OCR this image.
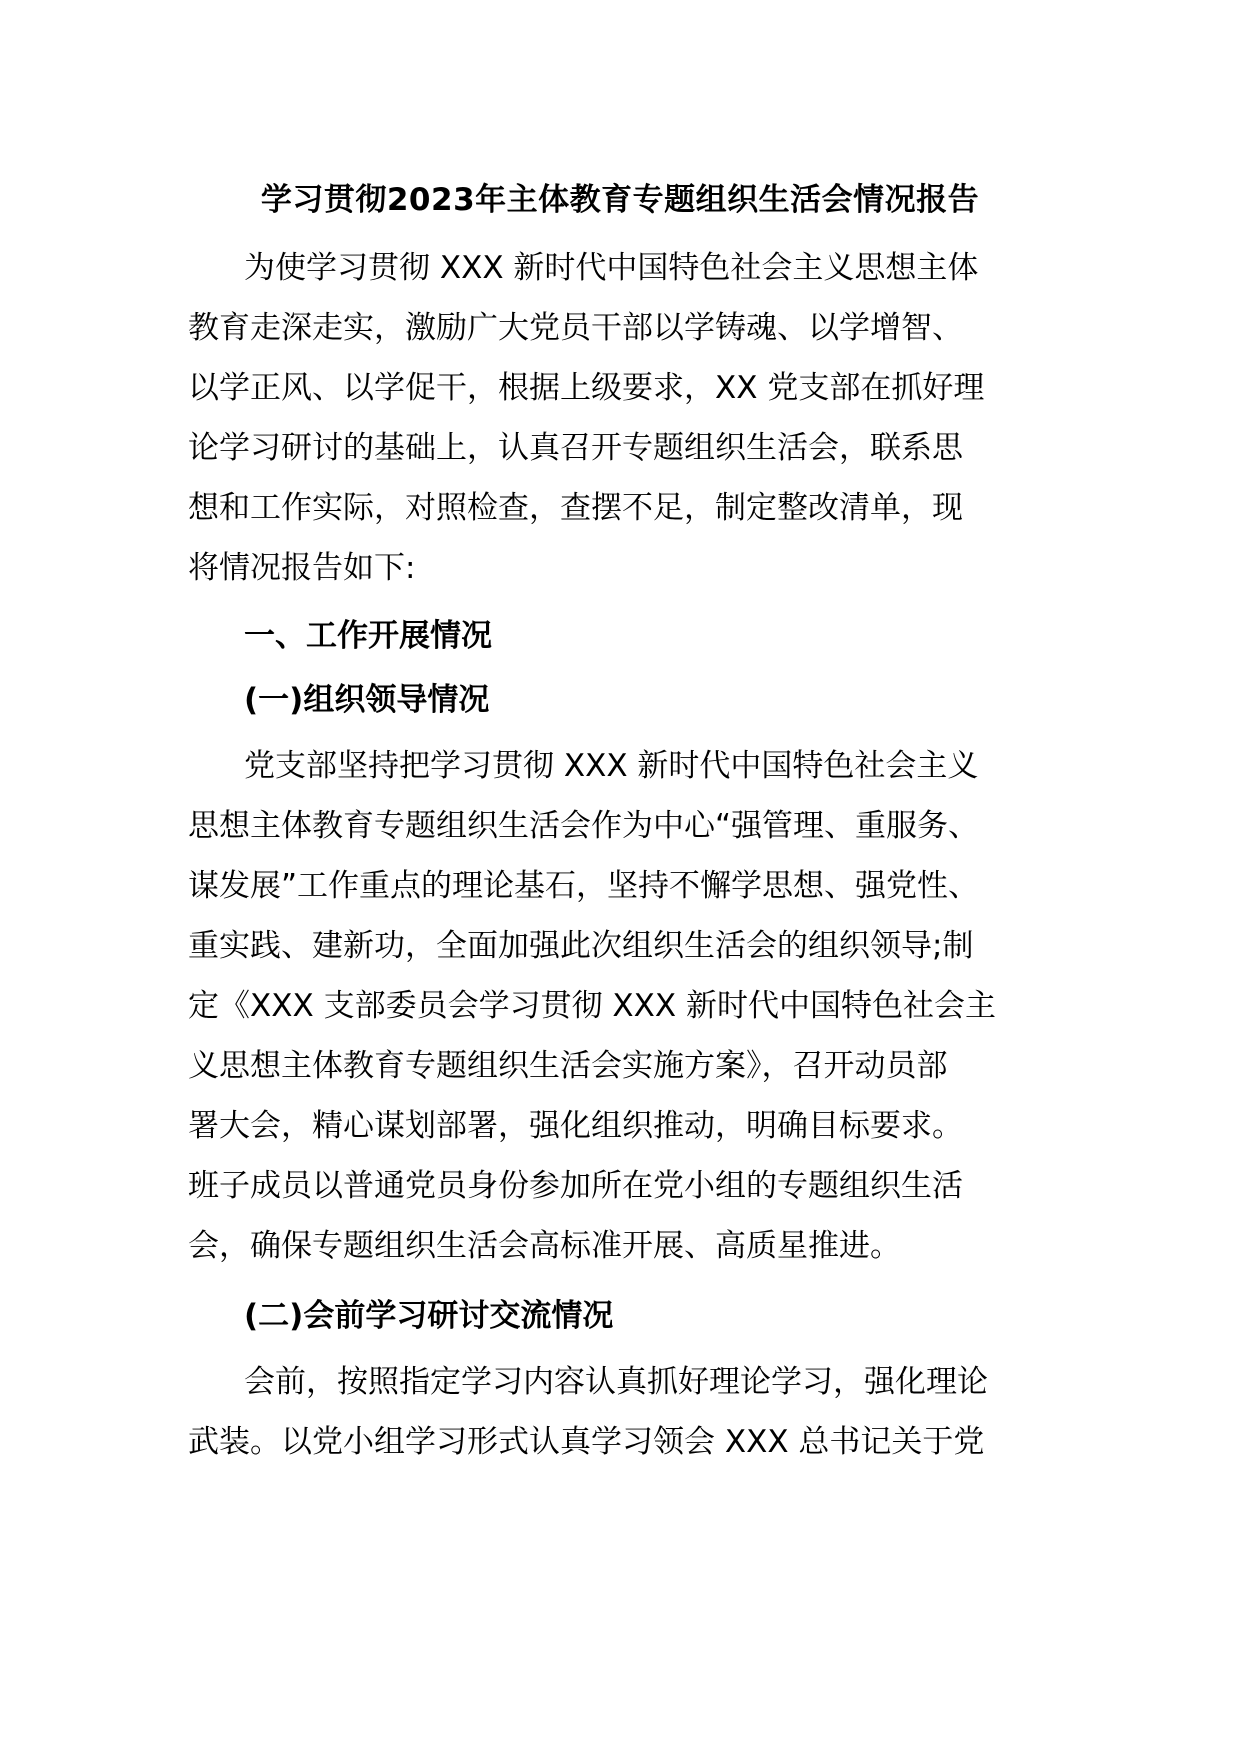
学习贯彻2023年主体教育专题组织生活会情况报告

为使学习贯彻 XXX 新时代中国特色社会主义思想主体

教育走深走实，激励广大党员干部以学铸魂、以学增智、

以学正风、以学促干，根据上级要求，XX 党支部在抓好理

论学习研讨的基础上，认真召开专题组织生活会，联系思

想和工作实际，对照检查，查摆不足，制定整改清单，现

将情况报告如下:

一、工作开展情况
(一)组织领导情况

党支部坚持把学习贯彻 XXX 新时代中国特色社会主义

思想主体教育专题组织生活会作为中心“强管理、重服务、

谋发展”工作重点的理论基石，坚持不懈学思想、强党性、

重实践、建新功，全面加强此次组织生活会的组织领导;制

定《XXX 支部委员会学习贯彻 XXX 新时代中国特色社会主

义思想主体教育专题组织生活会实施方案》，召开动员部

署大会，精心谋划部署，强化组织推动，明确目标要求。

班子成员以普通党员身份参加所在党小组的专题组织生活

会，确保专题组织生活会高标准开展、高质星推进。

(二)会前学习研讨交流情况

会前，按照指定学习内容认真抓好理论学习，强化理论

武装。以党小组学习形式认真学习领会 XXX 总书记关于党
